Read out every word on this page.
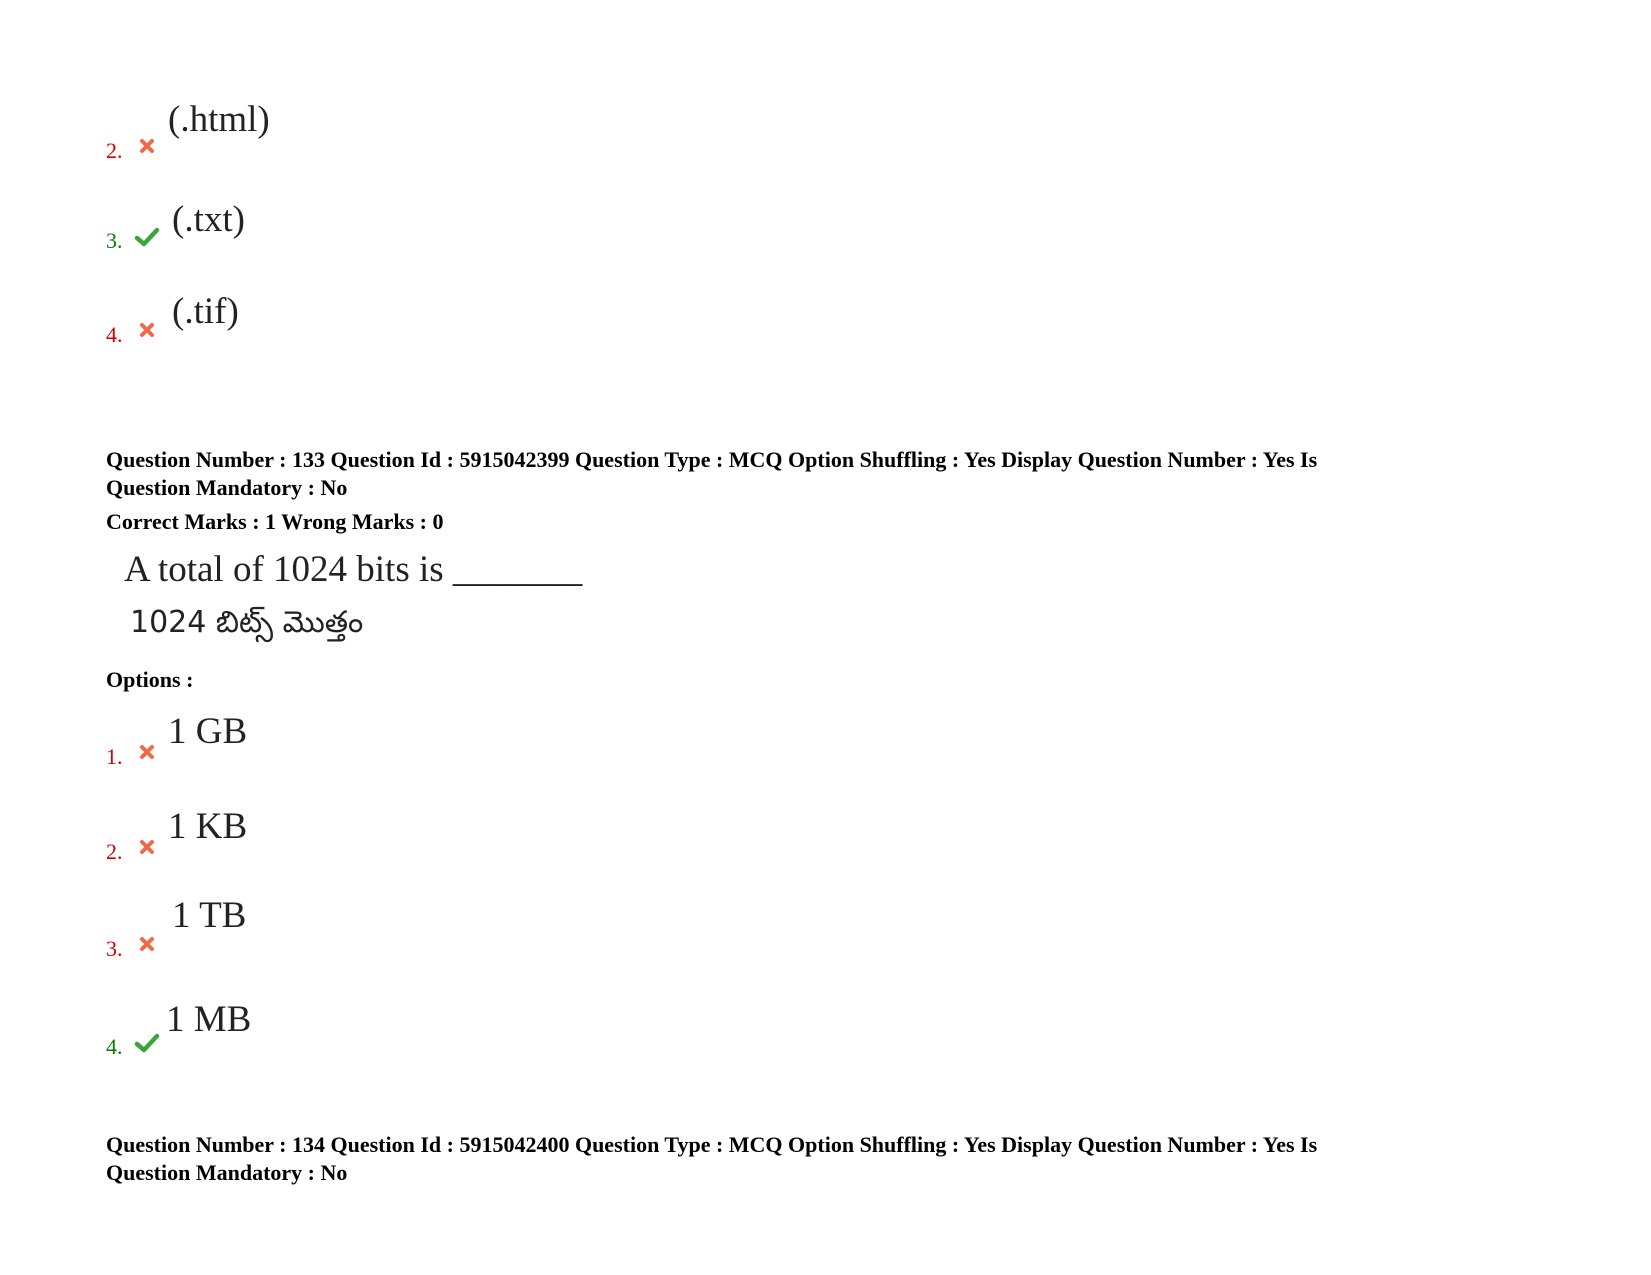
2.
(.html)
3.
(.txt)
4.
(.tif)
Question Number : 133 Question Id : 5915042399 Question Type : MCQ Option Shuffling : Yes Display Question Number : Yes Is
Question Mandatory : No
Correct Marks : 1 Wrong Marks : 0
A total of 1024 bits is _______
1024 బిట్స్ మొత్తం
Options :
1.
1 GB
2.
1 KB
3.
1 TB
4.
1 MB
Question Number : 134 Question Id : 5915042400 Question Type : MCQ Option Shuffling : Yes Display Question Number : Yes Is
Question Mandatory : No
